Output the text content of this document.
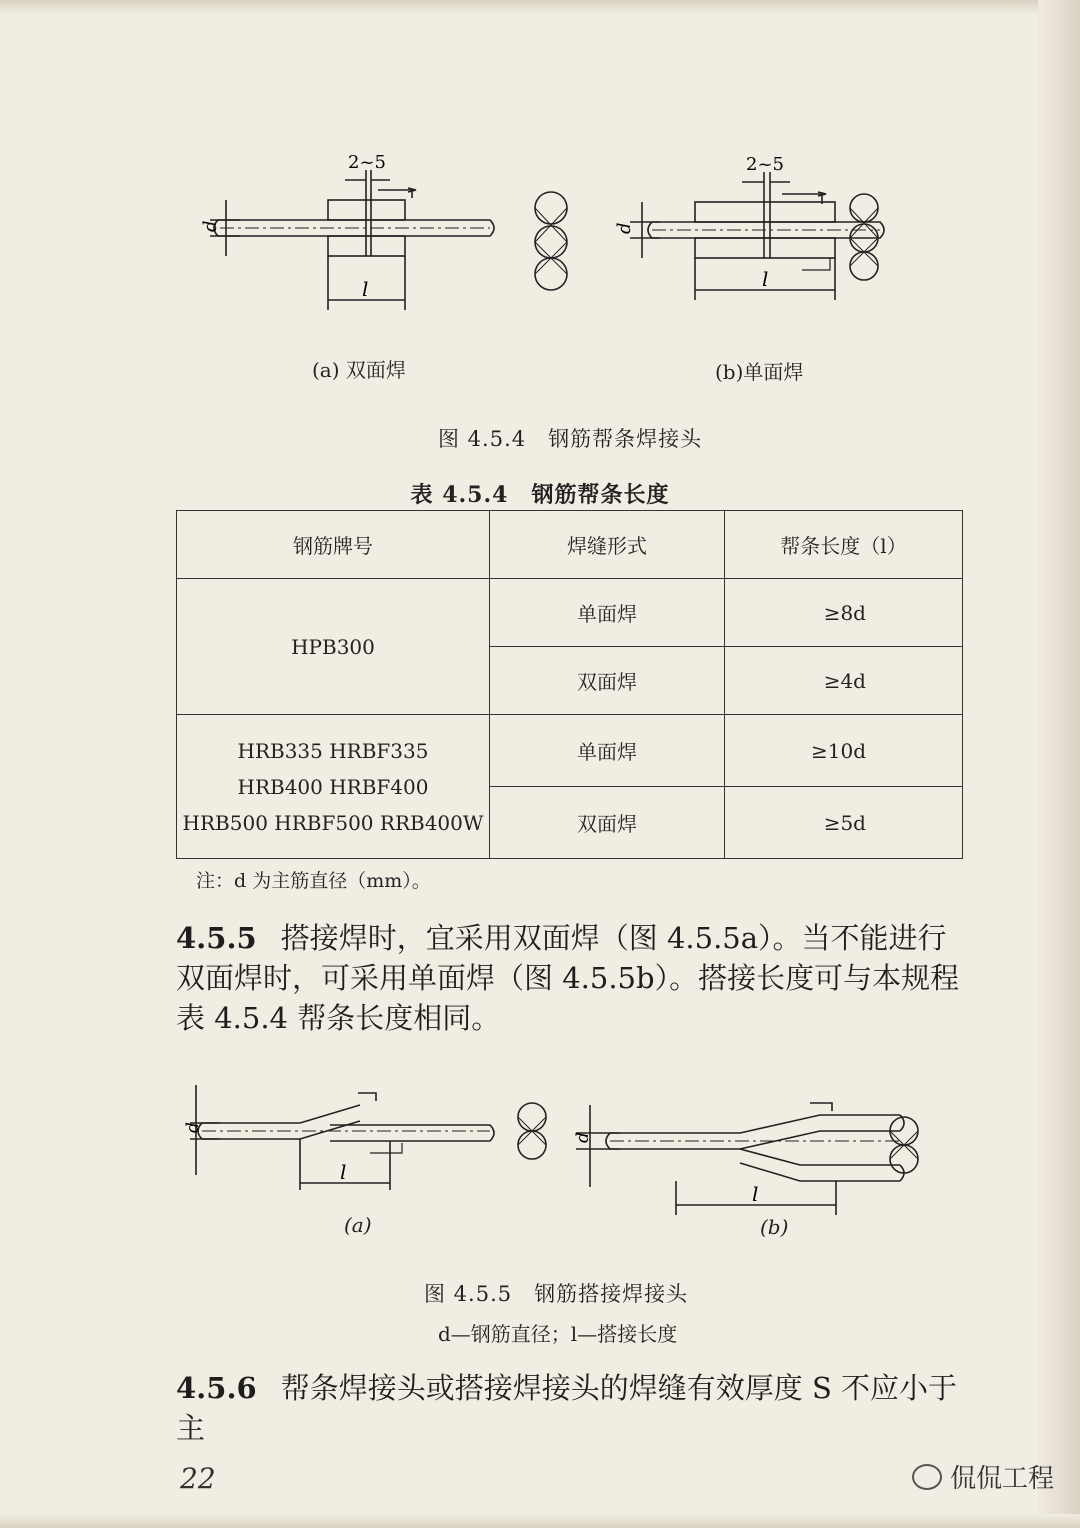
2~5	2~5
d	d
l	l
(a) 双面焊	(b)单面焊
图 4.5.4　钢筋帮条焊接头
表 4.5.4　钢筋帮条长度
钢筋牌号	焊缝形式	帮条长度（l）

HPB300	单面焊	≥8d
	双面焊	≥4d

HRB335 HRBF335
HRB400 HRBF400
HRB500 HRBF500 RRB400W	单面焊	≥10d
	双面焊	≥5d
注：d 为主筋直径（mm）。
4.5.5 搭接焊时，宜采用双面焊（图 4.5.5a）。当不能进行双面焊时，可采用单面焊（图 4.5.5b）。搭接长度可与本规程表 4.5.4 帮条长度相同。
d
d
l
l
(a)	(b)
图 4.5.5　钢筋搭接焊接头
d—钢筋直径；l—搭接长度
4.5.6 帮条焊接头或搭接焊接头的焊缝有效厚度 S 不应小于主
22	侃侃工程
